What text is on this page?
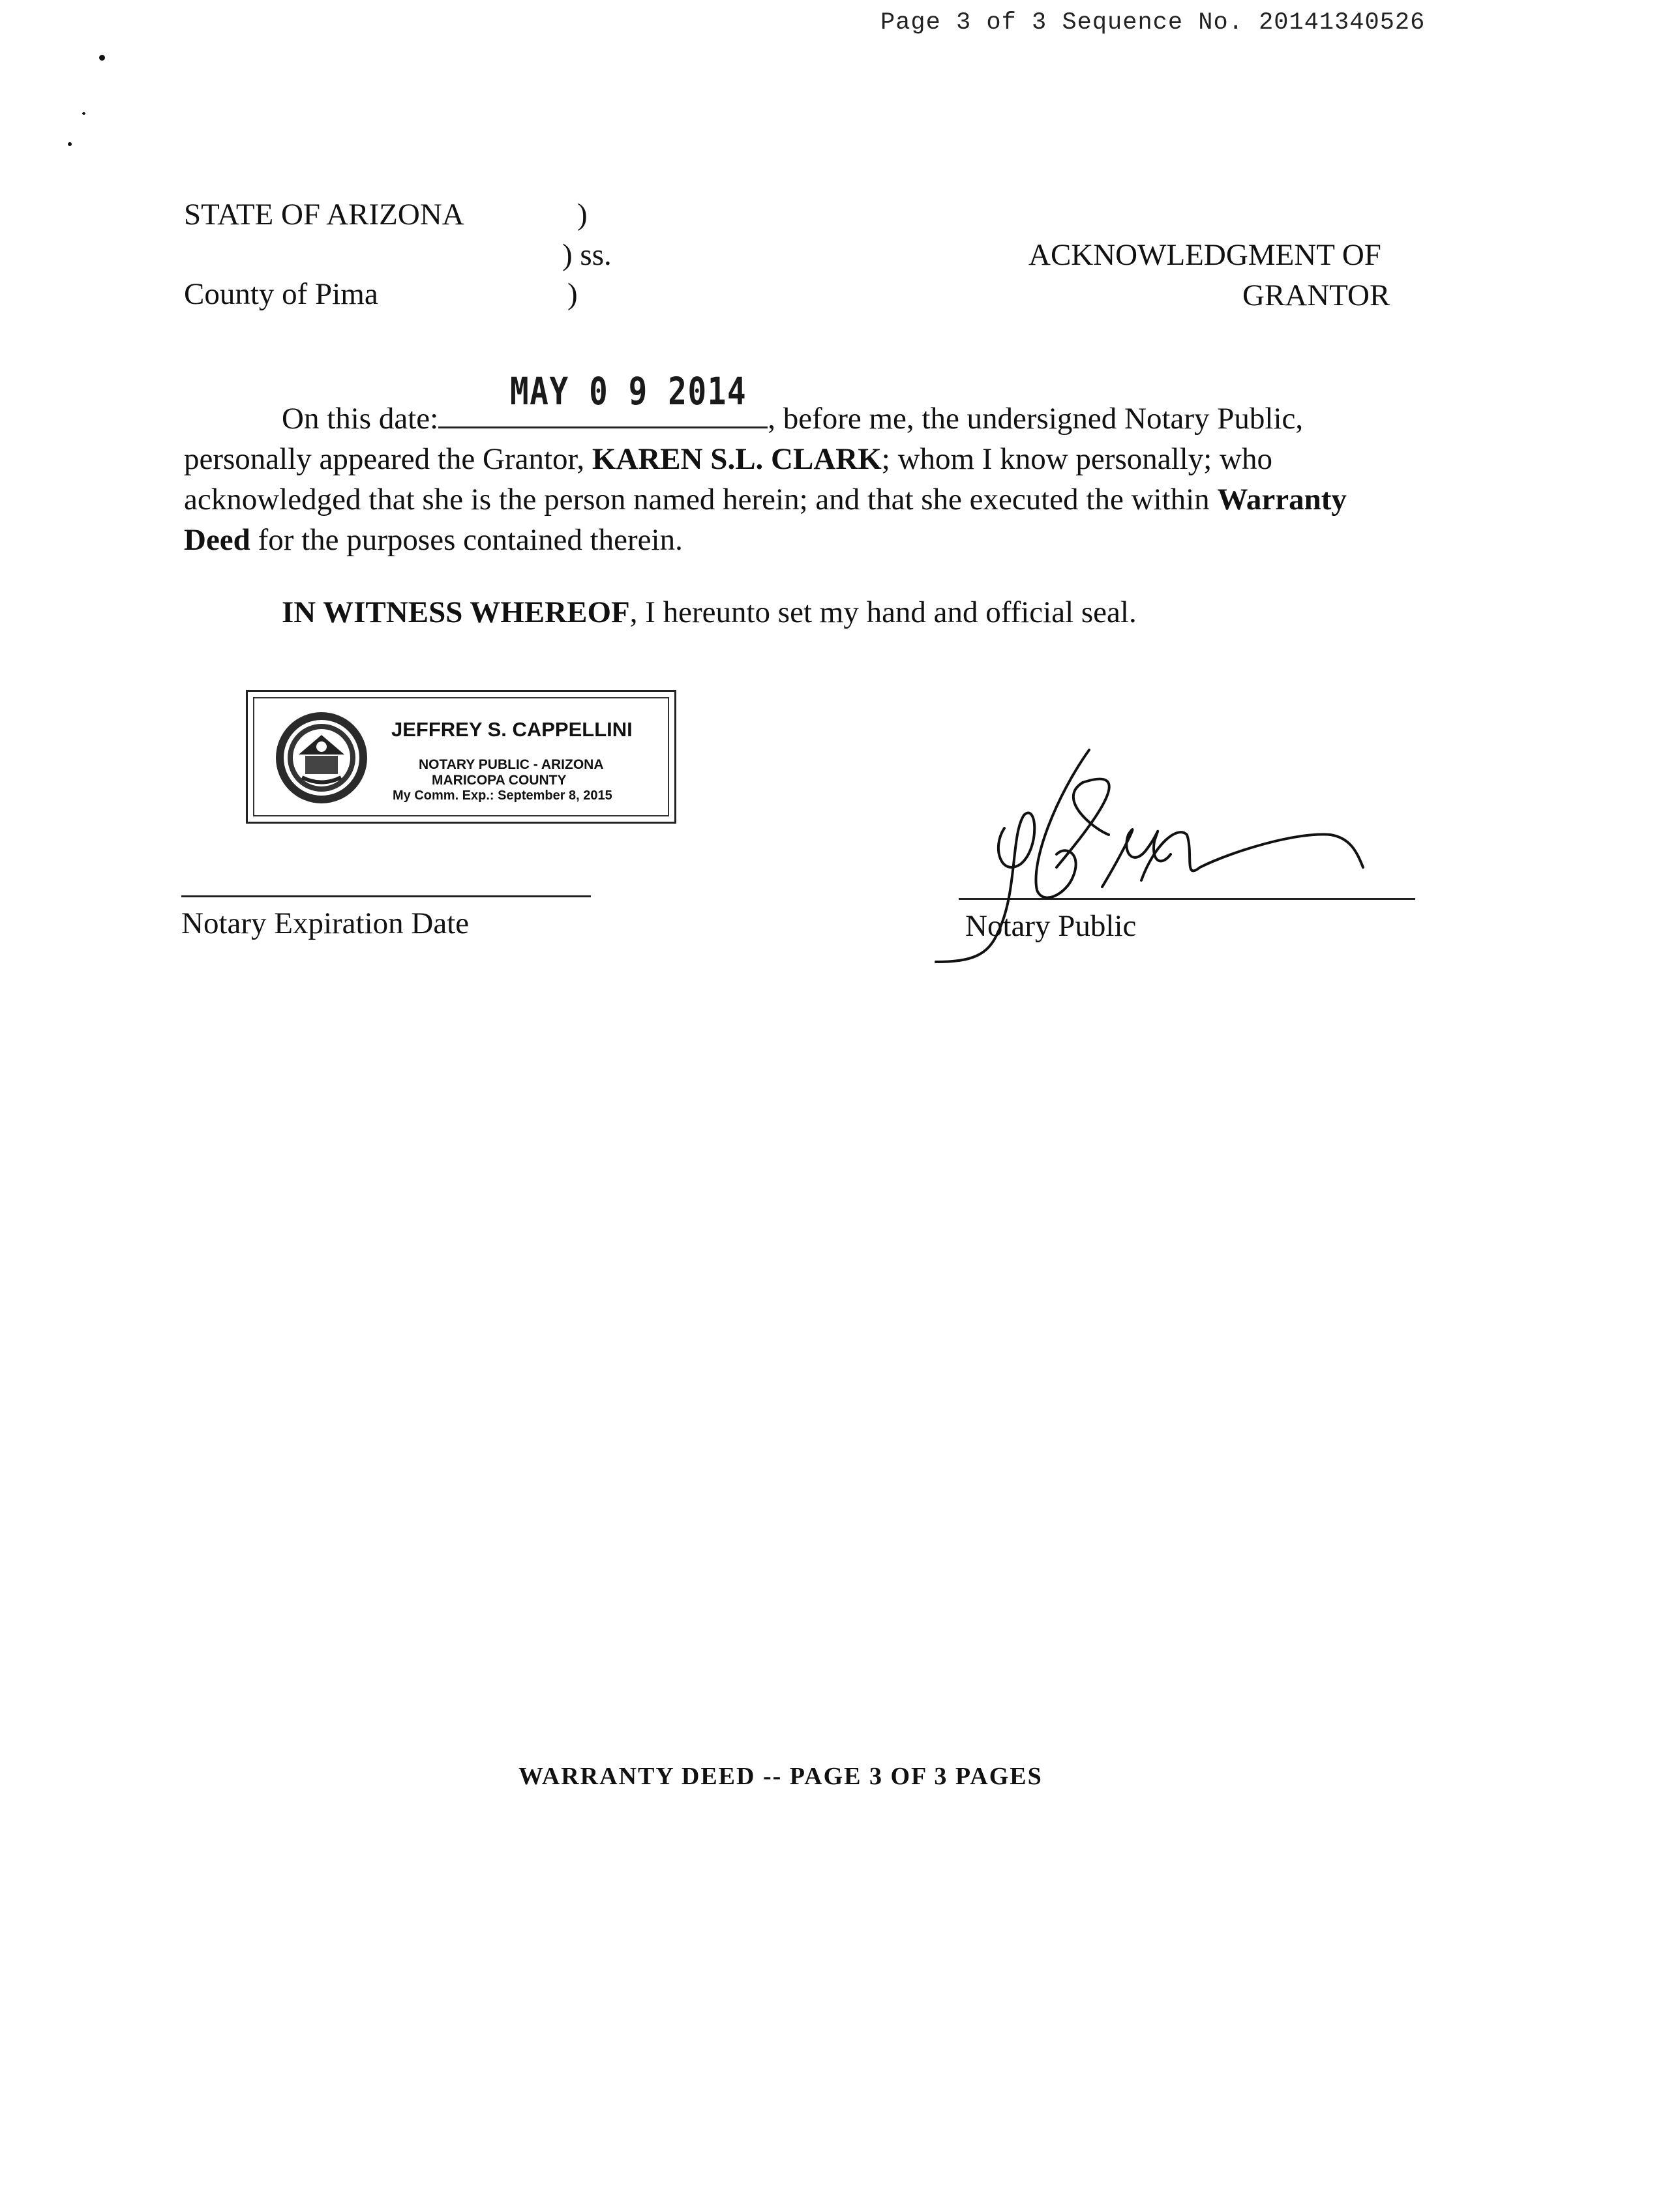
Page 3 of 3 Sequence No. 20141340526
STATE OF ARIZONA	)
) ss.
County of Pima	)
ACKNOWLEDGMENT OF
GRANTOR
MAY 0 9 2014
On this date:	, before me, the undersigned Notary Public,
personally appeared the Grantor, KAREN S.L. CLARK; whom I know personally; who
acknowledged that she is the person named herein; and that she executed the within Warranty
Deed for the purposes contained therein.
IN WITNESS WHEREOF, I hereunto set my hand and official seal.
JEFFREY S. CAPPELLINI
NOTARY PUBLIC - ARIZONA
MARICOPA COUNTY
My Comm. Exp.: September 8, 2015
Notary Expiration Date	Notary Public
WARRANTY DEED -- PAGE 3 OF 3 PAGES
